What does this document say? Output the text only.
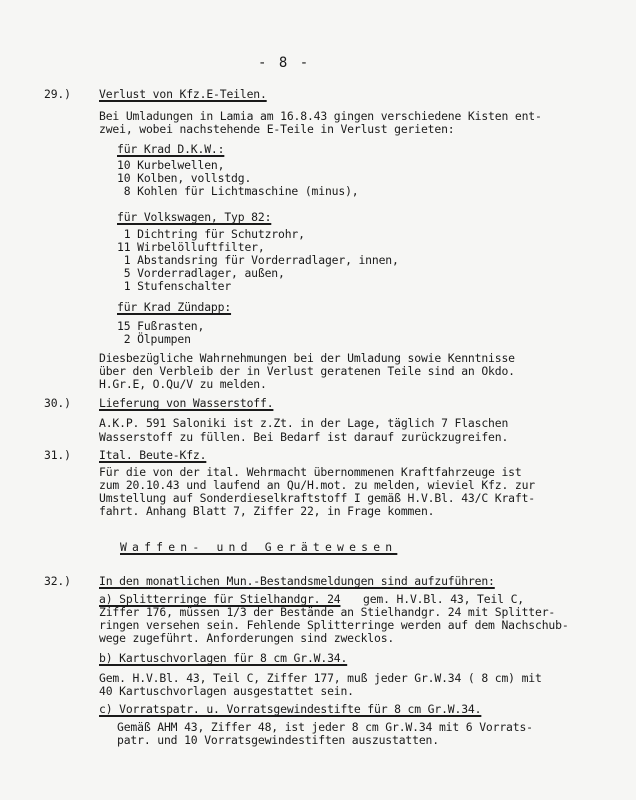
- 8 -
29.) Verlust von Kfz.E-Teilen.
Bei Umladungen in Lamia am 16.8.43 gingen verschiedene Kisten ent-
zwei, wobei nachstehende E-Teile in Verlust gerieten:
für Krad D.K.W.:
10 Kurbelwellen,
10 Kolben, vollstdg.
8 Kohlen für Lichtmaschine (minus),
für Volkswagen, Typ 82:
1 Dichtring für Schutzrohr,
11 Wirbelölluftfilter,
1 Abstandsring für Vorderradlager, innen,
5 Vorderradlager, außen,
1 Stufenschalter
für Krad Zündapp:
15 Fußrasten,
2 Ölpumpen
Diesbezügliche Wahrnehmungen bei der Umladung sowie Kenntnisse
über den Verbleib der in Verlust geratenen Teile sind an Okdo.
H.Gr.E, O.Qu/V zu melden.
30.) Lieferung von Wasserstoff.
A.K.P. 591 Saloniki ist z.Zt. in der Lage, täglich 7 Flaschen
Wasserstoff zu füllen. Bei Bedarf ist darauf zurückzugreifen.
31.) Ital. Beute-Kfz.
Für die von der ital. Wehrmacht übernommenen Kraftfahrzeuge ist
zum 20.10.43 und laufend an Qu/H.mot. zu melden, wieviel Kfz. zur
Umstellung auf Sonderdieselkraftstoff I gemäß H.V.Bl. 43/C Kraft-
fahrt. Anhang Blatt 7, Ziffer 22, in Frage kommen.
Waffen- und Gerätewesen
32.) In den monatlichen Mun.-Bestandsmeldungen sind aufzuführen:
a) Splitterringe für Stielhandgr. 24 gem. H.V.Bl. 43, Teil C,
Ziffer 176, müssen 1/3 der Bestände an Stielhandgr. 24 mit Splitter-
ringen versehen sein. Fehlende Splitterringe werden auf dem Nachschub-
wege zugeführt. Anforderungen sind zwecklos.
b) Kartuschvorlagen für 8 cm Gr.W.34.
Gem. H.V.Bl. 43, Teil C, Ziffer 177, muß jeder Gr.W.34 ( 8 cm) mit
40 Kartuschvorlagen ausgestattet sein.
c) Vorratspatr. u. Vorratsgewindestifte für 8 cm Gr.W.34.
Gemäß AHM 43, Ziffer 48, ist jeder 8 cm Gr.W.34 mit 6 Vorrats-
patr. und 10 Vorratsgewindestiften auszustatten.
